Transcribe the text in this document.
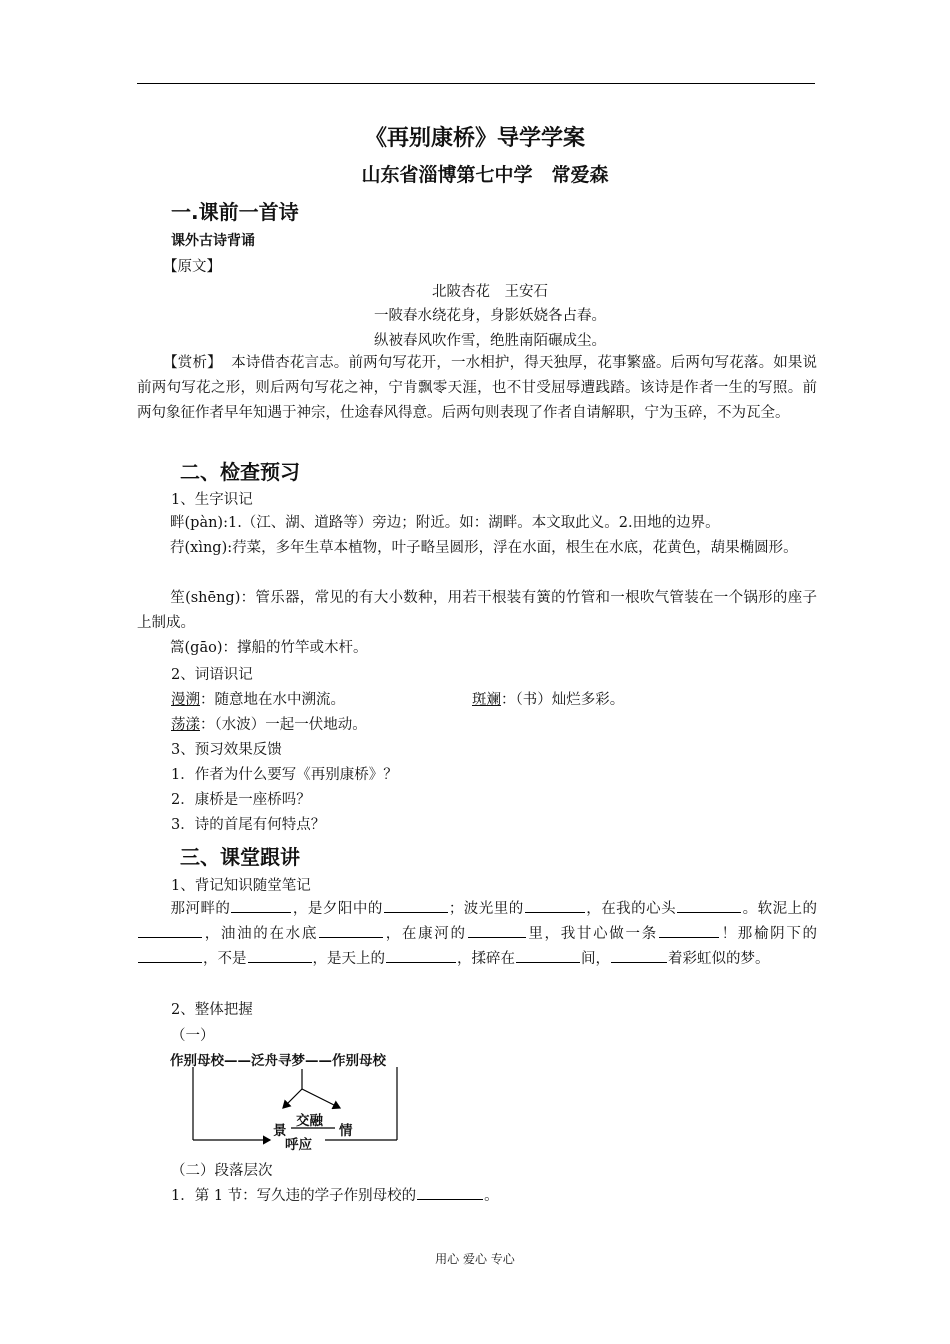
《再别康桥》导学学案
山东省淄博第七中学　常爱森
一.课前一首诗
课外古诗背诵
【原文】
北陂杏花　王安石
一陂春水绕花身，身影妖娆各占春。
纵被春风吹作雪，绝胜南陌碾成尘。
【赏析】 本诗借杏花言志。前两句写花开，一水相护，得天独厚，花事繁盛。后两句写花落。如果说前两句写花之形，则后两句写花之神，宁肯飘零天涯，也不甘受屈辱遭践踏。该诗是作者一生的写照。前两句象征作者早年知遇于神宗，仕途春风得意。后两句则表现了作者自请解职，宁为玉碎，不为瓦全。
二、检查预习
1、生字识记
畔(pàn):1.（江、湖、道路等）旁边；附近。如：湖畔。本文取此义。2.田地的边界。
荇(xìng):荇菜，多年生草本植物，叶子略呈圆形，浮在水面，根生在水底，花黄色，葫果椭圆形。
笙(shēng)：管乐器，常见的有大小数种，用若干根装有簧的竹管和一根吹气管装在一个锅形的座子上制成。
篙(gāo)：撑船的竹竿或木杆。
2、词语识记
漫溯：随意地在水中溯流。	斑斓：（书）灿烂多彩。
荡漾：（水波）一起一伏地动。
3、预习效果反馈
1．作者为什么要写《再别康桥》？
2．康桥是一座桥吗？
3．诗的首尾有何特点？
三、课堂跟讲
1、背记知识随堂笔记
那河畔的	，是夕阳中的	；波光里的	，在我的心头	。软泥上的，油油的在水底	，在康河的	里，我甘心做一条	！那榆阴下的，不是	，是天上的	，揉碎在	间，	着彩虹似的梦。
2、整体把握
（一）
作别母校——泛舟寻梦——作别母校
交融
景	情
呼应
（二）段落层次
1．第 1 节：写久违的学子作别母校的	。
用心 爱心 专心
